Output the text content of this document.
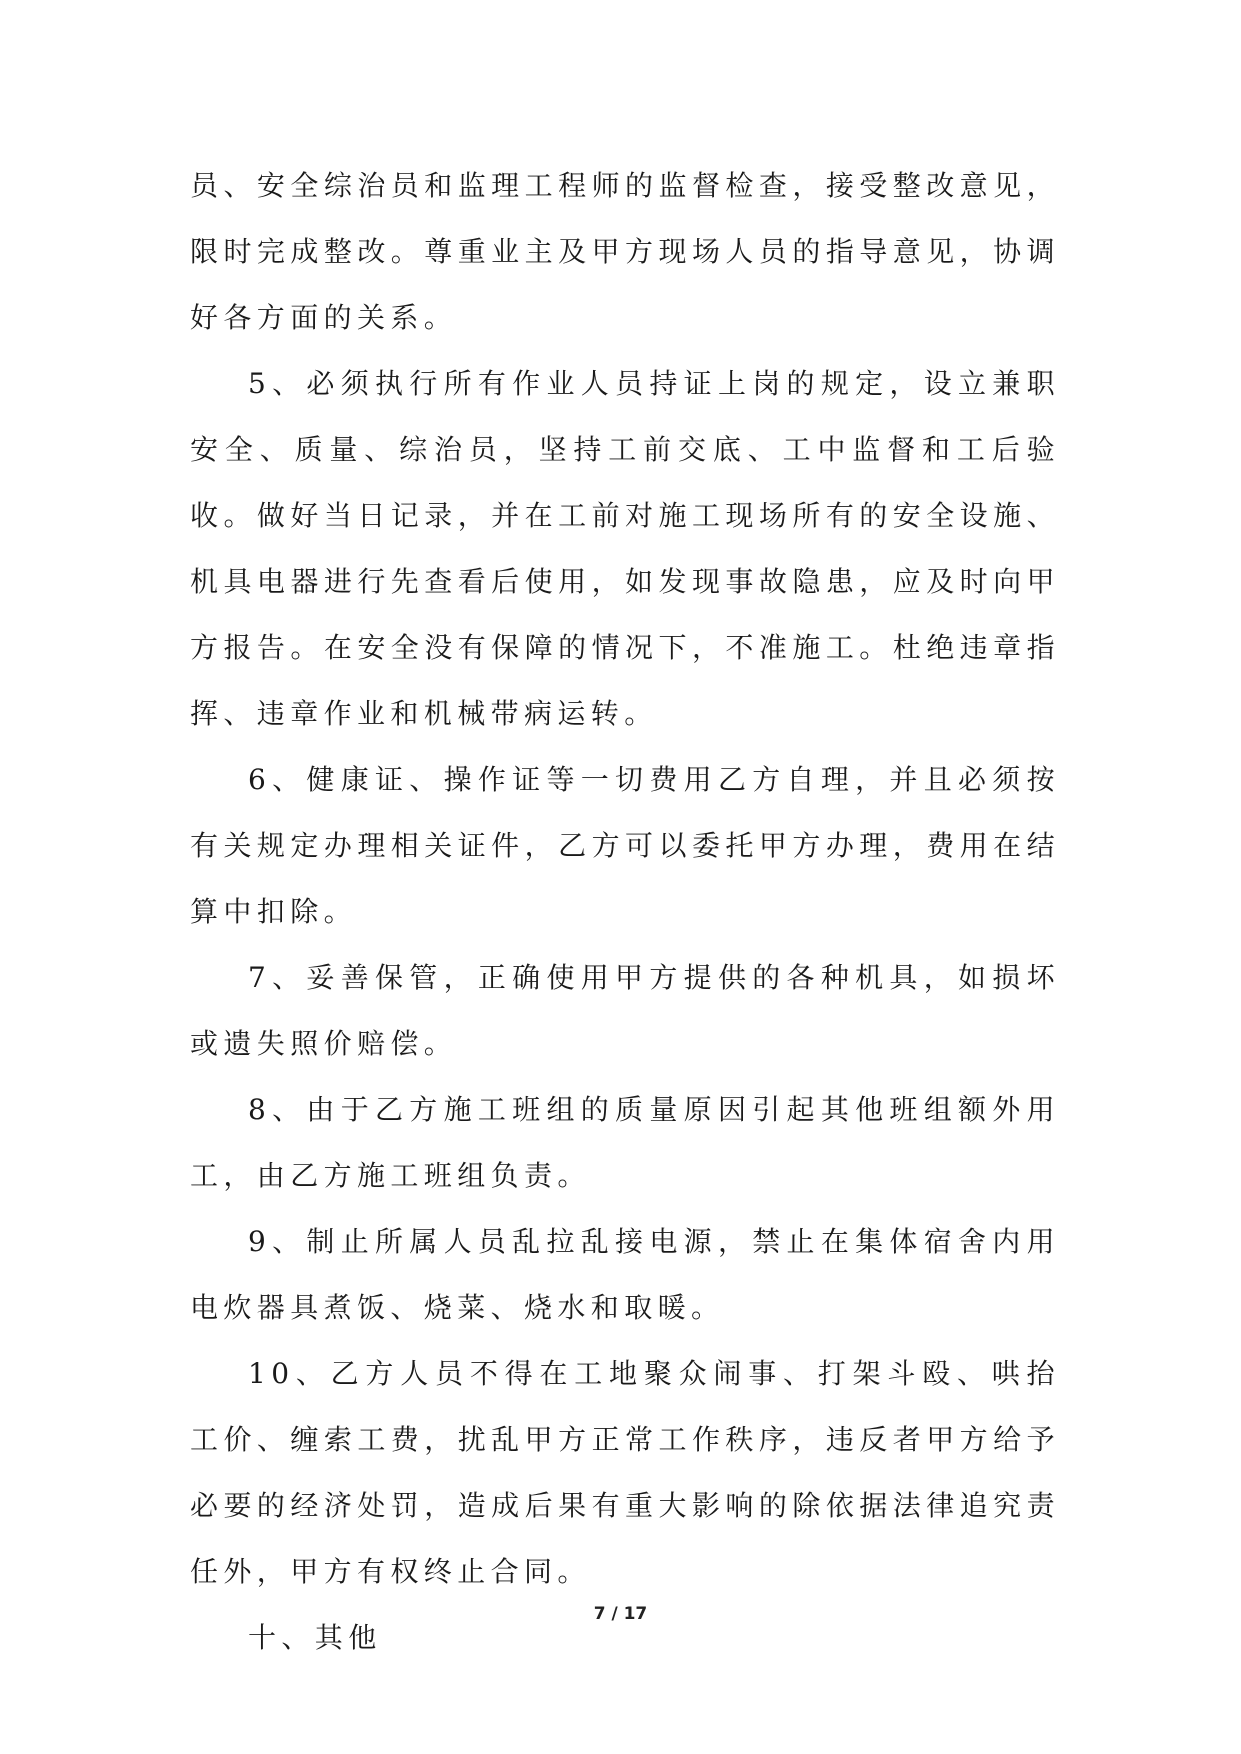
员、安全综治员和监理工程师的监督检查，接受整改意见，限时完成整改。尊重业主及甲方现场人员的指导意见，协调好各方面的关系。

5、必须执行所有作业人员持证上岗的规定，设立兼职安全、质量、综治员，坚持工前交底、工中监督和工后验收。做好当日记录，并在工前对施工现场所有的安全设施、机具电器进行先查看后使用，如发现事故隐患，应及时向甲方报告。在安全没有保障的情况下，不准施工。杜绝违章指挥、违章作业和机械带病运转。

6、健康证、操作证等一切费用乙方自理，并且必须按有关规定办理相关证件，乙方可以委托甲方办理，费用在结算中扣除。

7、妥善保管，正确使用甲方提供的各种机具，如损坏或遗失照价赔偿。

8、由于乙方施工班组的质量原因引起其他班组额外用工，由乙方施工班组负责。

9、制止所属人员乱拉乱接电源，禁止在集体宿舍内用电炊器具煮饭、烧菜、烧水和取暖。

10、乙方人员不得在工地聚众闹事、打架斗殴、哄抬工价、缠索工费，扰乱甲方正常工作秩序，违反者甲方给予必要的经济处罚，造成后果有重大影响的除依据法律追究责任外，甲方有权终止合同。

十、其他

7 / 17
